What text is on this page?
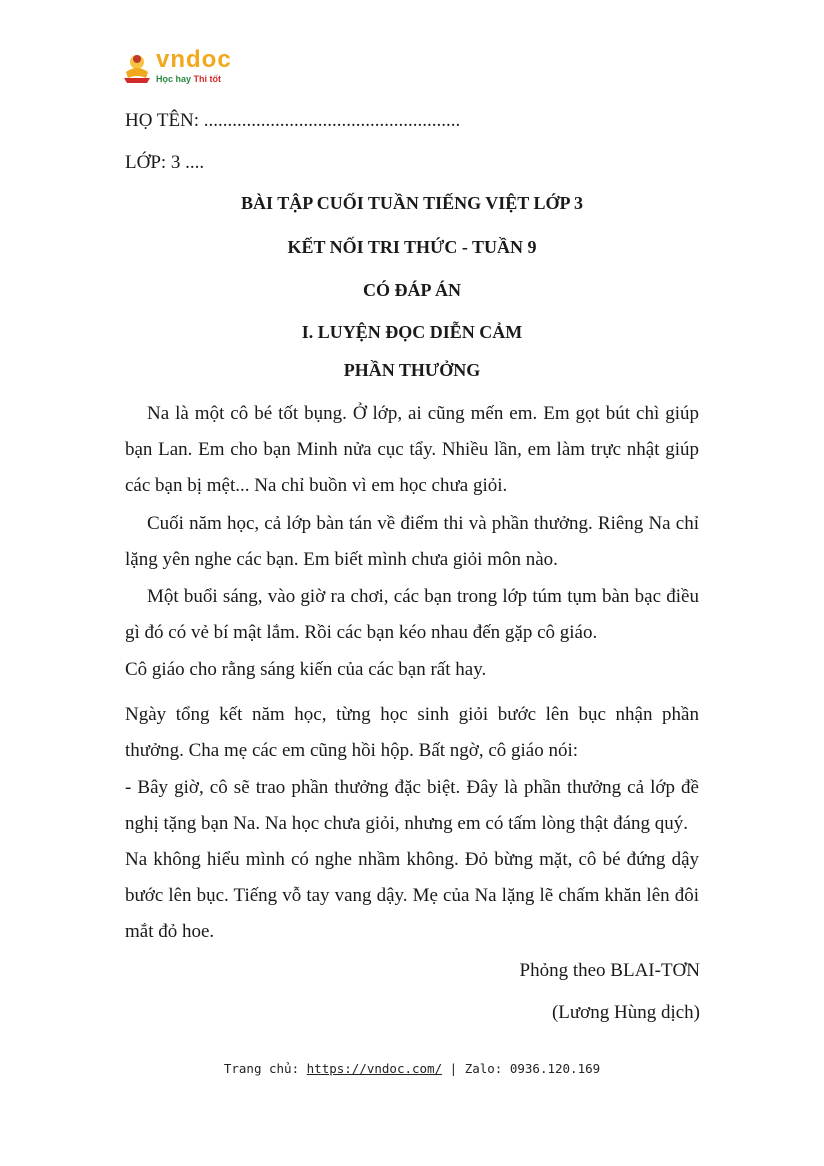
vndoc
Học hay Thi tốt
HỌ TÊN: ......................................................
LỚP: 3 ....
BÀI TẬP CUỐI TUẦN TIẾNG VIỆT LỚP 3
KẾT NỐI TRI THỨC - TUẦN 9
CÓ ĐÁP ÁN
I. LUYỆN ĐỌC DIỄN CẢM
PHẦN THƯỞNG
Na là một cô bé tốt bụng. Ở lớp, ai cũng mến em. Em gọt bút chì giúp bạn Lan. Em cho bạn Minh nửa cục tẩy. Nhiều lần, em làm trực nhật giúp các bạn bị mệt... Na chỉ buồn vì em học chưa giỏi.
Cuối năm học, cả lớp bàn tán về điểm thi và phần thưởng. Riêng Na chỉ lặng yên nghe các bạn. Em biết mình chưa giỏi môn nào.
Một buổi sáng, vào giờ ra chơi, các bạn trong lớp túm tụm bàn bạc điều gì đó có vẻ bí mật lắm. Rồi các bạn kéo nhau đến gặp cô giáo.
Cô giáo cho rằng sáng kiến của các bạn rất hay.
Ngày tổng kết năm học, từng học sinh giỏi bước lên bục nhận phần thưởng. Cha mẹ các em cũng hồi hộp. Bất ngờ, cô giáo nói:
- Bây giờ, cô sẽ trao phần thưởng đặc biệt. Đây là phần thưởng cả lớp đề nghị tặng bạn Na. Na học chưa giỏi, nhưng em có tấm lòng thật đáng quý.
Na không hiểu mình có nghe nhầm không. Đỏ bừng mặt, cô bé đứng dậy bước lên bục. Tiếng vỗ tay vang dậy. Mẹ của Na lặng lẽ chấm khăn lên đôi mắt đỏ hoe.
Phỏng theo BLAI-TƠN
(Lương Hùng dịch)
Trang chủ: https://vndoc.com/ | Zalo: 0936.120.169
